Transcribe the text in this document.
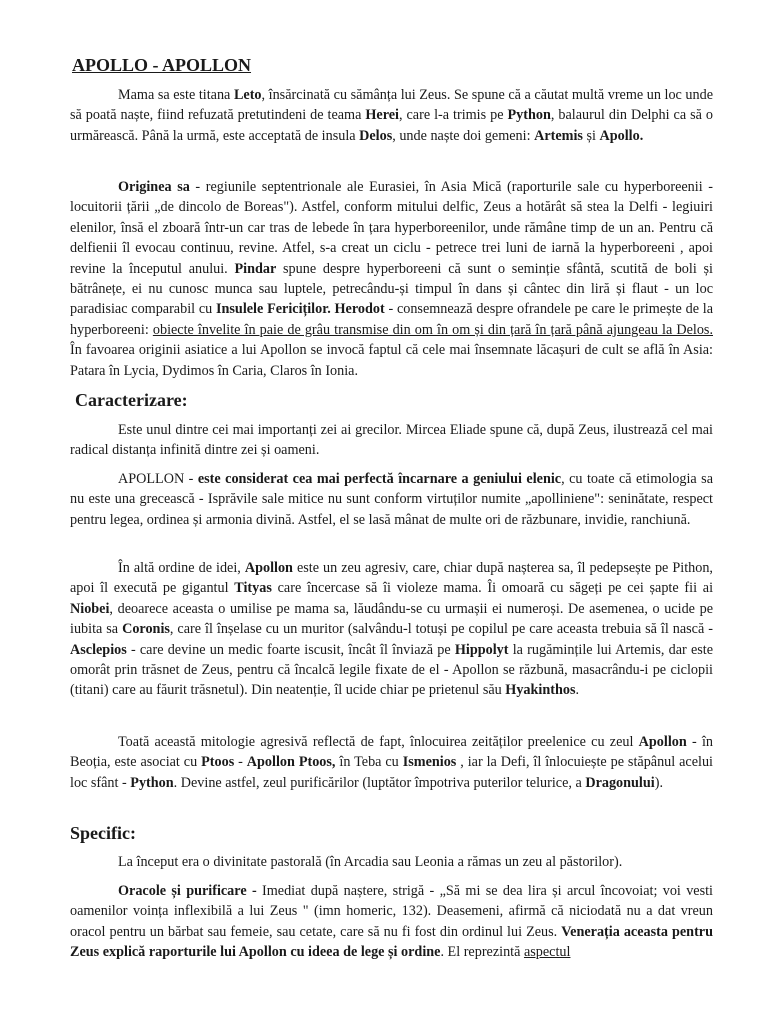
APOLLO - APOLLON

Mama sa este titana Leto, însărcinată cu sămânța lui Zeus. Se spune că a căutat multă vreme un loc unde să poată naște, fiind refuzată pretutindeni de teama Herei, care l-a trimis pe Python, balaurul din Delphi ca să o urmărească. Până la urmă, este acceptată de insula Delos, unde naște doi gemeni: Artemis și Apollo.

Originea sa - regiunile septentrionale ale Eurasiei, în Asia Mică (raporturile sale cu hyperboreenii - locuitorii țării „de dincolo de Boreas"). Astfel, conform mitului delfic, Zeus a hotărât să stea la Delfi - legiuiri elenilor, însă el zboară într-un car tras de lebede în țara hyperboreenilor, unde rămâne timp de un an. Pentru că delfienii îl evocau continuu, revine. Atfel, s-a creat un ciclu - petrece trei luni de iarnă la hyperboreeni , apoi revine la începutul anului. Pindar spune despre hyperboreeni că sunt o seminție sfântă, scutită de boli și bătrânețe, ei nu cunosc munca sau luptele, petrecându-și timpul în dans și cântec din liră și flaut - un loc paradisiac comparabil cu Insulele Fericiților. Herodot - consemnează despre ofrandele pe care le primește de la hyperboreeni: obiecte învelite în paie de grâu transmise din om în om și din țară în țară până ajungeau la Delos. În favoarea originii asiatice a lui Apollon se invocă faptul că cele mai însemnate lăcașuri de cult se află în Asia: Patara în Lycia, Dydimos în Caria, Claros în Ionia.

Caracterizare:

Este unul dintre cei mai importanți zei ai grecilor. Mircea Eliade spune că, după Zeus, ilustrează cel mai radical distanța infinită dintre zei și oameni.

APOLLON - este considerat cea mai perfectă încarnare a geniului elenic, cu toate că etimologia sa nu este una grecească - Isprăvile sale mitice nu sunt conform virtuților numite „apolliniene": seninătate, respect pentru legea, ordinea și armonia divină. Astfel, el se lasă mânat de multe ori de răzbunare, invidie, ranchiună.

În altă ordine de idei, Apollon este un zeu agresiv, care, chiar după nașterea sa, îl pedepsește pe Pithon, apoi îl execută pe gigantul Tityas care încercase să îi violeze mama. Îi omoară cu săgeți pe cei șapte fii ai Niobei, deoarece aceasta o umilise pe mama sa, lăudându-se cu urmașii ei numeroși. De asemenea, o ucide pe iubita sa Coronis, care îl înșelase cu un muritor (salvându-l totuși pe copilul pe care aceasta trebuia să îl nască - Asclepios - care devine un medic foarte iscusit, încât îl înviază pe Hippolyt la rugămințile lui Artemis, dar este omorât prin trăsnet de Zeus, pentru că încalcă legile fixate de el - Apollon se răzbună, masacrându-i pe ciclopii (titani) care au făurit trăsnetul). Din neatenție, îl ucide chiar pe prietenul său Hyakinthos.

Toată această mitologie agresivă reflectă de fapt, înlocuirea zeităților preelenice cu zeul Apollon - în Beoția, este asociat cu Ptoos - Apollon Ptoos, în Teba cu Ismenios , iar la Defi, îl înlocuiește pe stăpânul acelui loc sfânt - Python. Devine astfel, zeul purificărilor (luptător împotriva puterilor telurice, a Dragonului).

Specific:

La început era o divinitate pastorală (în Arcadia sau Leonia a rămas un zeu al păstorilor).

Oracole și purificare - Imediat după naștere, strigă - „Să mi se dea lira și arcul încovoiat; voi vesti oamenilor voința inflexibilă a lui Zeus " (imn homeric, 132). Deasemeni, afirmă că niciodată nu a dat vreun oracol pentru un bărbat sau femeie, sau cetate, care să nu fi fost din ordinul lui Zeus. Venerația aceasta pentru Zeus explică raporturile lui Apollon cu ideea de lege și ordine. El reprezintă aspectul
